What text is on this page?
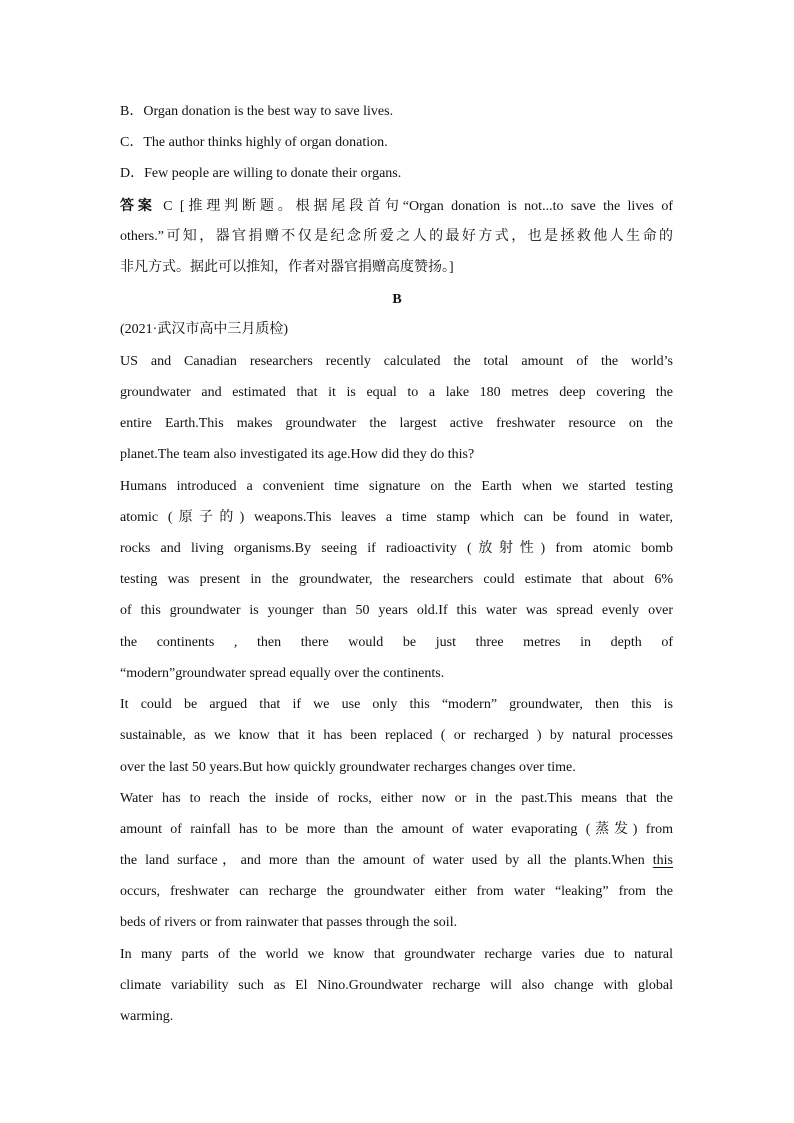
B．Organ donation is the best way to save lives.
C．The author thinks highly of organ donation.
D．Few people are willing to donate their organs.
答案 C [推理判断题。根据尾段首句“Organ donation is not...to save the lives of
others.”可知，器官捐赠不仅是纪念所爱之人的最好方式，也是拯救他人生命的
非凡方式。据此可以推知，作者对器官捐赠高度赞扬。]
B
(2021·武汉市高中三月质检)
US and Canadian researchers recently calculated the total amount of the world’s
groundwater and estimated that it is equal to a lake 180 metres deep covering the
entire Earth.This makes groundwater the largest active freshwater resource on the
planet.The team also investigated its age.How did they do this?
Humans introduced a convenient time signature on the Earth when we started testing
atomic (原子的) weapons.This leaves a time stamp which can be found in water,
rocks and living organisms.By seeing if radioactivity (放射性) from atomic bomb
testing was present in the groundwater, the researchers could estimate that about 6%
of this groundwater is younger than 50 years old.If this water was spread evenly over
the continents , then there would be just three metres in depth of
“modern”groundwater spread equally over the continents.
It could be argued that if we use only this “modern” groundwater, then this is
sustainable, as we know that it has been replaced ( or recharged ) by natural processes
over the last 50 years.But how quickly groundwater recharges changes over time.
Water has to reach the inside of rocks, either now or in the past.This means that the
amount of rainfall has to be more than the amount of water evaporating (蒸发) from
the land surface，and more than the amount of water used by all the plants.When this
occurs, freshwater can recharge the groundwater either from water “leaking” from the
beds of rivers or from rainwater that passes through the soil.
In many parts of the world we know that groundwater recharge varies due to natural
climate variability such as El Nino.Groundwater recharge will also change with global
warming.
